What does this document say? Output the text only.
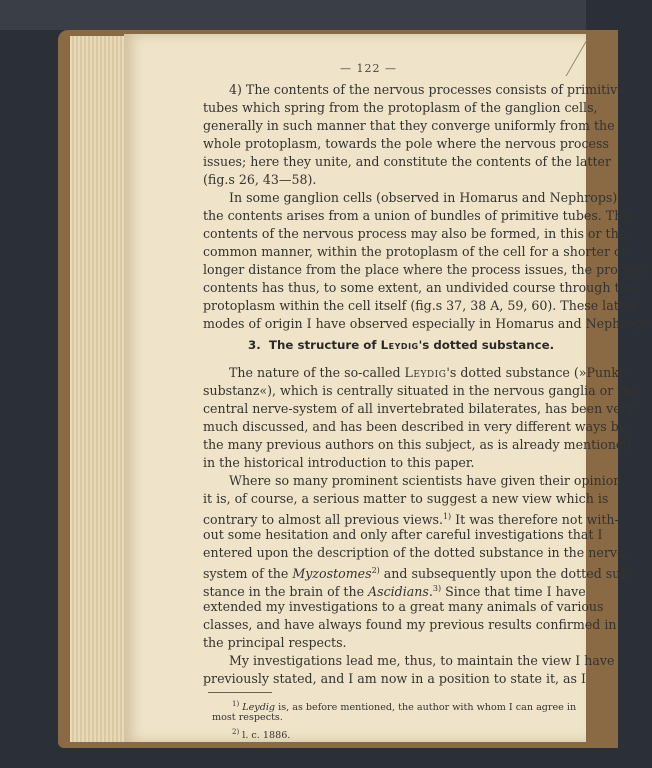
— 122 —

4) The contents of the nervous processes consists of primitive

tubes which spring from the protoplasm of the ganglion cells,

generally in such manner that they converge uniformly from the

whole protoplasm, towards the pole where the nervous process

issues; here they unite, and constitute the contents of the latter

(fig.s 26, 43—58).

In some ganglion cells (observed in Homarus and Nephrops)

the contents arises from a union of bundles of primitive tubes. The

contents of the nervous process may also be formed, in this or the

common manner, within the protoplasm of the cell for a shorter or

longer distance from the place where the process issues, the process-

contents has thus, to some extent, an undivided course through the

protoplasm within the cell itself (fig.s 37, 38 A, 59, 60). These latter

modes of origin I have observed especially in Homarus and Nephrops.

3. The structure of Leydig's dotted substance.

The nature of the so-called Leydig's dotted substance (»Punkt-

substanz«), which is centrally situated in the nervous ganglia or the

central nerve-system of all invertebrated bilaterates, has been very

much discussed, and has been described in very different ways by

the many previous authors on this subject, as is already mentioned

in the historical introduction to this paper.

Where so many prominent scientists have given their opinion,

it is, of course, a serious matter to suggest a new view which is

contrary to almost all previous views.$^{1)}$ It was therefore not with-

out some hesitation and only after careful investigations that I

entered upon the description of the dotted substance in the nerve-

system of the Myzostomes$^{2)}$ and subsequently upon the dotted sub-

stance in the brain of the Ascidians.$^{3)}$ Since that time I have

extended my investigations to a great many animals of various

classes, and have always found my previous results confirmed in

the principal respects.

My investigations lead me, thus, to maintain the view I have

previously stated, and I am now in a position to state it, as I

$^{1)}$ Leydig is, as before mentioned, the author with whom I can agree in

most respects.

$^{2)}$ l. c. 1886.
